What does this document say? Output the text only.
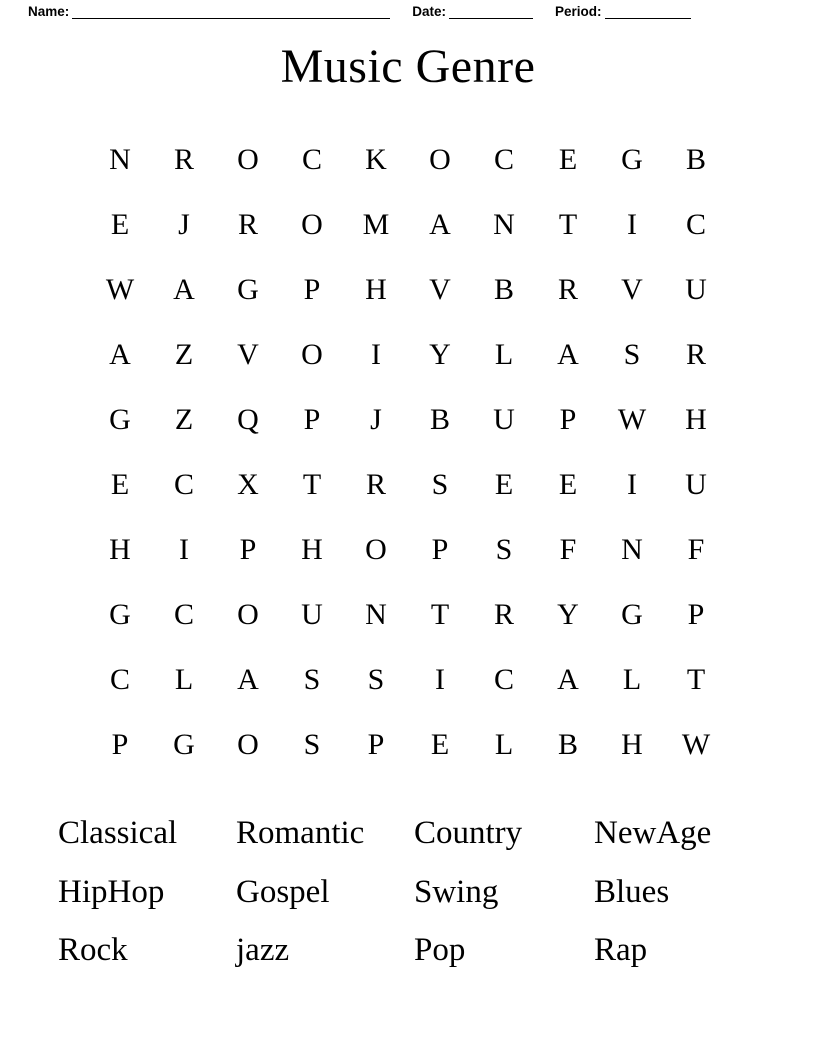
Name:	Date:	Period:
Music Genre
N	R	O	C	K	O	C	E	G	B
E	J	R	O	M	A	N	T	I	C
W	A	G	P	H	V	B	R	V	U
A	Z	V	O	I	Y	L	A	S	R
G	Z	Q	P	J	B	U	P	W	H
E	C	X	T	R	S	E	E	I	U
H	I	P	H	O	P	S	F	N	F
G	C	O	U	N	T	R	Y	G	P
C	L	A	S	S	I	C	A	L	T
P	G	O	S	P	E	L	B	H	W
Classical	Romantic	Country	NewAge
HipHop	Gospel	Swing	Blues
Rock	jazz	Pop	Rap
